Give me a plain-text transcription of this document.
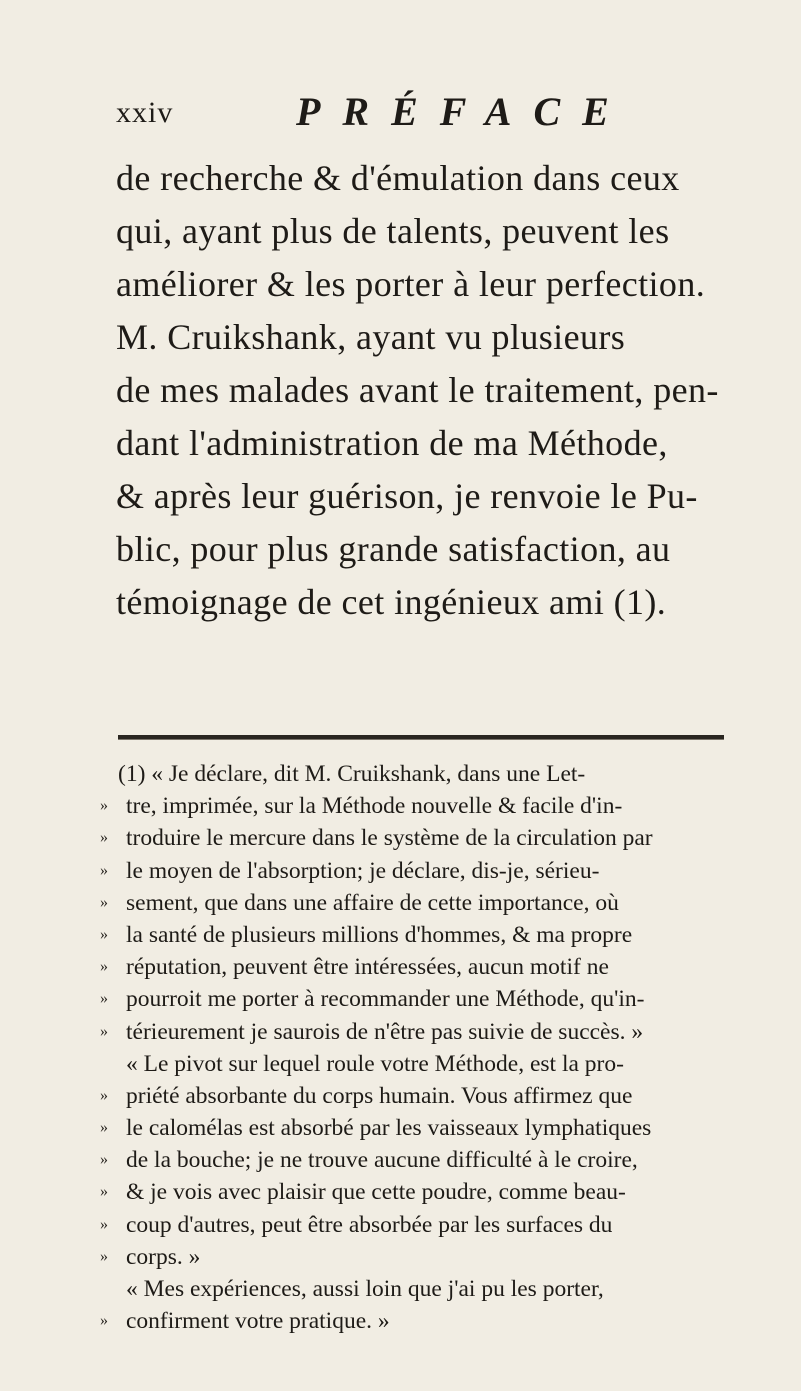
xxiv	PRÉFACE
de recherche & d'émulation dans ceux
qui, ayant plus de talents, peuvent les
améliorer & les porter à leur perfection.
M. Cruikshank, ayant vu plusieurs
de mes malades avant le traitement, pen-
dant l'administration de ma Méthode,
& après leur guérison, je renvoie le Pu-
blic, pour plus grande satisfaction, au
témoignage de cet ingénieux ami (1).
(1) « Je déclare, dit M. Cruikshank, dans une Let-
» tre, imprimée, sur la Méthode nouvelle & facile d'in-
» troduire le mercure dans le système de la circulation par
» le moyen de l'absorption; je déclare, dis-je, sérieu-
» sement, que dans une affaire de cette importance, où
» la santé de plusieurs millions d'hommes, & ma propre
» réputation, peuvent être intéressées, aucun motif ne
» pourroit me porter à recommander une Méthode, qu'in-
» térieurement je saurois de n'être pas suivie de succès. »
« Le pivot sur lequel roule votre Méthode, est la pro-
» priété absorbante du corps humain. Vous affirmez que
» le calomélas est absorbé par les vaisseaux lymphatiques
» de la bouche; je ne trouve aucune difficulté à le croire,
» & je vois avec plaisir que cette poudre, comme beau-
» coup d'autres, peut être absorbée par les surfaces du
» corps. »
« Mes expériences, aussi loin que j'ai pu les porter,
» confirment votre pratique. »
